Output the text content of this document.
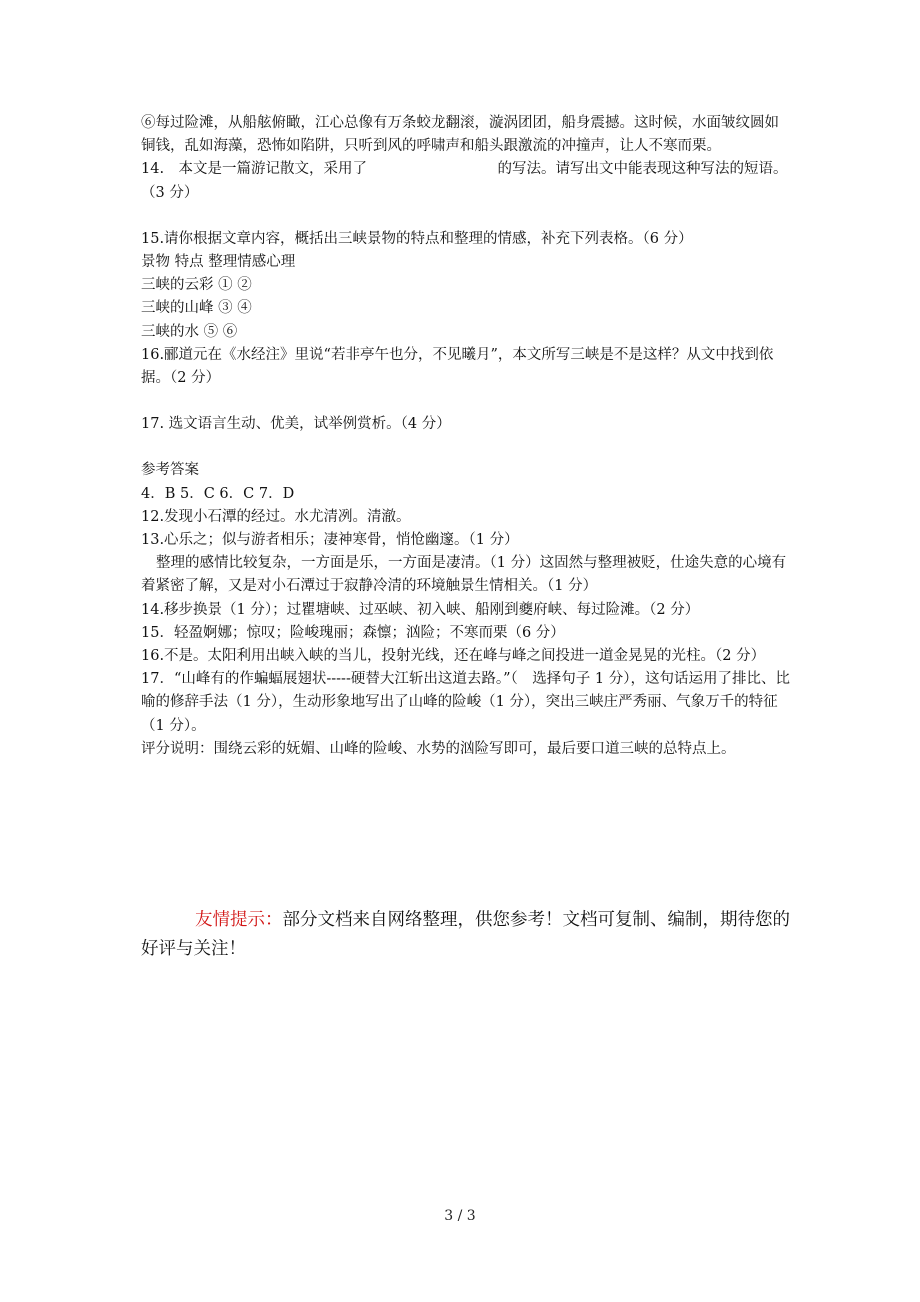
⑥每过险滩，从船舷俯瞰，江心总像有万条蛟龙翻滚，漩涡团团，船身震撼。这时候，水面皱纹圆如铜钱，乱如海藻，恐怖如陷阱，只听到风的呼啸声和船头跟激流的冲撞声，让人不寒而栗。

14.　本文是一篇游记散文，采用了　　　　　　　　　的写法。请写出文中能表现这种写法的短语。（3 分）

15.请你根据文章内容，概括出三峡景物的特点和整理的情感，补充下列表格。（6 分）

景物 特点 整理情感心理

三峡的云彩 ① ②

三峡的山峰 ③ ④

三峡的水 ⑤ ⑥

16.郦道元在《水经注》里说“若非亭午也分，不见曦月”，本文所写三峡是不是这样？从文中找到依据。（2 分）

17. 选文语言生动、优美，试举例赏析。（4 分）

参考答案

4．B 5．C 6．C 7．D

12.发现小石潭的经过。水尤清冽。清澈。

13.心乐之；似与游者相乐；凄神寒骨，悄怆幽邃。（1 分）

整理的感情比较复杂，一方面是乐，一方面是凄清。（1 分）这固然与整理被贬，仕途失意的心境有着紧密了解，又是对小石潭过于寂静冷清的环境触景生情相关。（1 分）

14.移步换景（1 分）；过瞿塘峡、过巫峡、初入峡、船刚到夔府峡、每过险滩。（2 分）

15．轻盈婀娜；惊叹；险峻瑰丽；森懔；汹险；不寒而栗（6 分）

16.不是。太阳利用出峡入峡的当儿，投射光线，还在峰与峰之间投进一道金晃晃的光柱。（2 分）

17．“山峰有的作蝙蝠展翅状-----硬替大江斩出这道去路。”（　选择句子 1 分），这句话运用了排比、比喻的修辞手法（1 分），生动形象地写出了山峰的险峻（1 分），突出三峡庄严秀丽、气象万千的特征（1 分）。

评分说明：围绕云彩的妩媚、山峰的险峻、水势的汹险写即可，最后要口道三峡的总特点上。

友情提示：部分文档来自网络整理，供您参考！文档可复制、编制，期待您的好评与关注！
3 / 3
